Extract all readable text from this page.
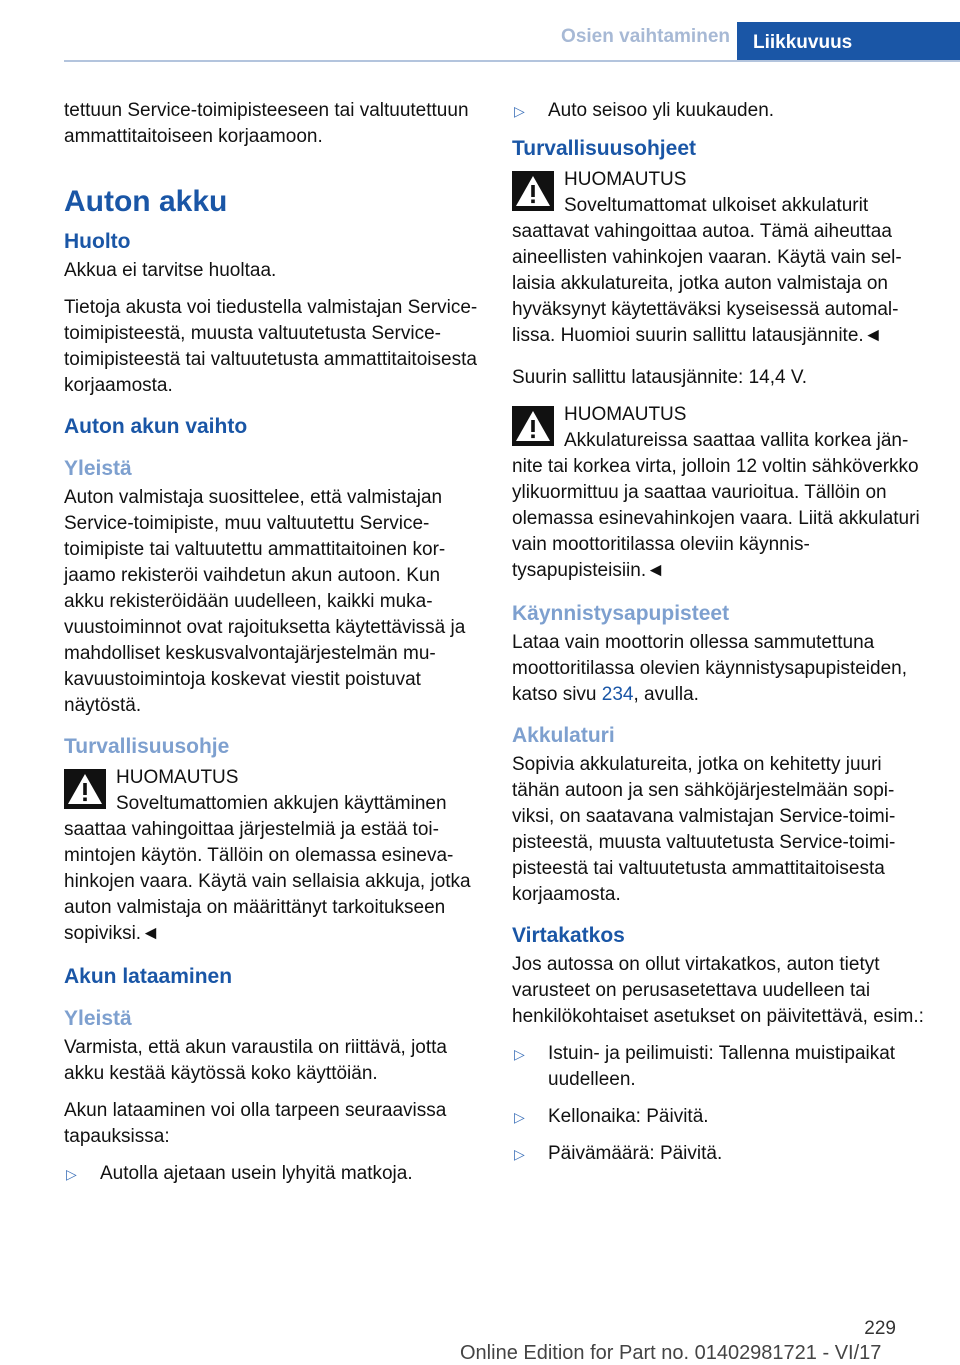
Osien vaihtaminen	Liikkuvuus

tettuun Service-toimipisteeseen tai valtuutettuun ammattitaitoiseen korjaamoon.

Auton akku
Huolto

Akkua ei tarvitse huoltaa.

Tietoja akusta voi tiedustella valmistajan Service-toimipisteestä, muusta valtuutetusta Service-toimipisteestä tai valtuutetusta ammattitaitoisesta korjaamosta.

Auton akun vaihto
Yleistä

Auton valmistaja suosittelee, että valmistajan Service-toimipiste, muu valtuutettu Service-toimipiste tai valtuutettu ammattitaitoinen korjaamo rekisteröi vaihdetun akun autoon. Kun akku rekisteröidään uudelleen, kaikki mukavuustoiminnot ovat rajoituksetta käytettävissä ja mahdolliset keskusvalvontajärjestelmän mukavuustoimintoja koskevat viestit poistuvat näytöstä.

Turvallisuusohje
HUOMAUTUS
Soveltumattomien akkujen käyttäminen saattaa vahingoittaa järjestelmiä ja estää toimintojen käytön. Tällöin on olemassa esinevahinkojen vaara. Käytä vain sellaisia akkuja, jotka auton valmistaja on määrittänyt tarkoitukseen sopiviksi.◄
Akun lataaminen
Yleistä

Varmista, että akun varaustila on riittävä, jotta akku kestää käytössä koko käyttöiän.

Akun lataaminen voi olla tarpeen seuraavissa tapauksissa:

▷	Autolla ajetaan usein lyhyitä matkoja.
▷	Auto seisoo yli kuukauden.
Turvallisuusohjeet
HUOMAUTUS
Soveltumattomat ulkoiset akkulaturit saattavat vahingoittaa autoa. Tämä aiheuttaa aineellisten vahinkojen vaaran. Käytä vain sellaisia akkulatureita, jotka auton valmistaja on hyväksynyt käytettäväksi kyseisessä automallissa. Huomioi suurin sallittu latausjännite.◄

Suurin sallittu latausjännite: 14,4 V.

HUOMAUTUS
Akkulatureissa saattaa vallita korkea jännite tai korkea virta, jolloin 12 voltin sähköverkko ylikuormittuu ja saattaa vaurioitua. Tällöin on olemassa esinevahinkojen vaara. Liitä akkulaturi vain moottoritilassa oleviin käynnistysapupisteisiin.◄
Käynnistysapupisteet

Lataa vain moottorin ollessa sammutettuna moottoritilassa olevien käynnistysapupisteiden, katso sivu 234, avulla.

Akkulaturi

Sopivia akkulatureita, jotka on kehitetty juuri tähän autoon ja sen sähköjärjestelmään sopiviksi, on saatavana valmistajan Service-toimipisteestä, muusta valtuutetusta Service-toimipisteestä tai valtuutetusta ammattitaitoisesta korjaamosta.

Virtakatkos

Jos autossa on ollut virtakatkos, auton tietyt varusteet on perusasetettava uudelleen tai henkilökohtaiset asetukset on päivitettävä, esim.:

▷	Istuin- ja peilimuisti: Tallenna muistipaikat uudelleen.
▷	Kellonaika: Päivitä.
▷	Päivämäärä: Päivitä.
229
Online Edition for Part no. 01402981721 - VI/17
